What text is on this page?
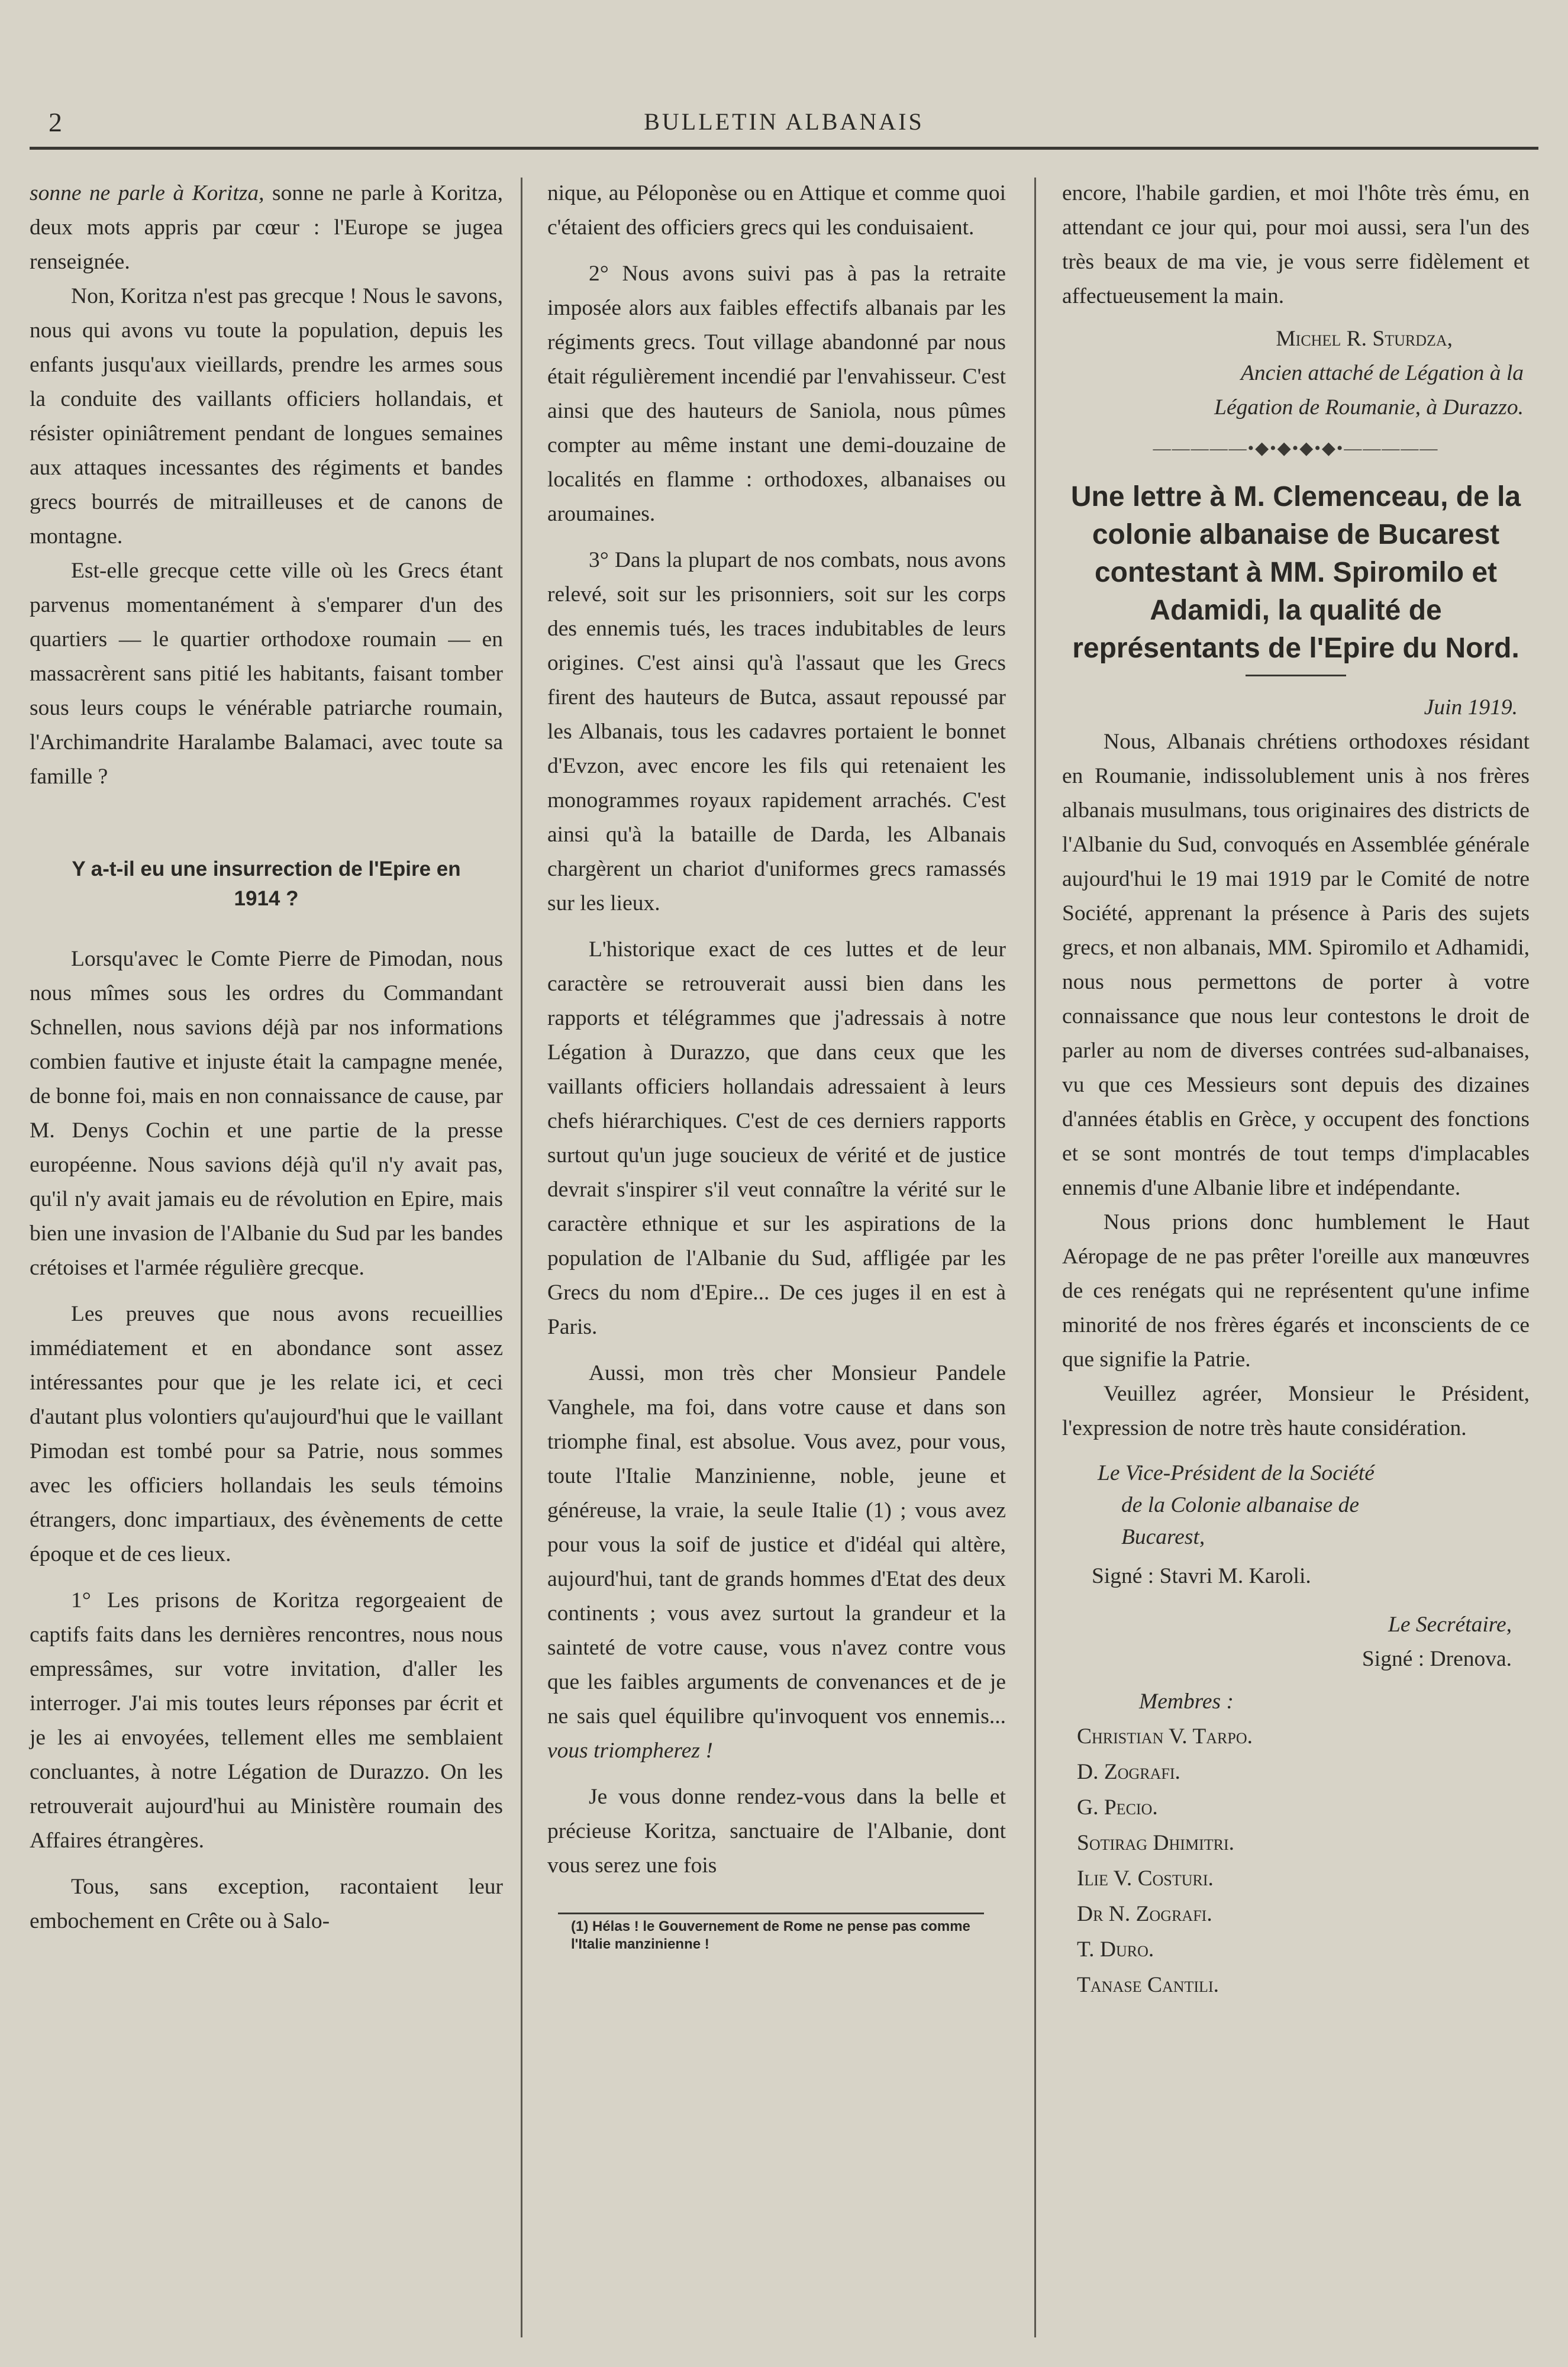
2	BULLETIN ALBANAIS

sonne ne parle à Koritza, sonne ne parle à Koritza, deux mots appris par cœur : l'Europe se jugea renseignée.

Non, Koritza n'est pas grecque ! Nous le savons, nous qui avons vu toute la population, depuis les enfants jusqu'aux vieillards, prendre les armes sous la conduite des vaillants officiers hollandais, et résister opiniâtrement pendant de longues semaines aux attaques incessantes des régiments et bandes grecs bourrés de mitrailleuses et de canons de montagne.

Est-elle grecque cette ville où les Grecs étant parvenus momentanément à s'emparer d'un des quartiers — le quartier orthodoxe roumain — en massacrèrent sans pitié les habitants, faisant tomber sous leurs coups le vénérable patriarche roumain, l'Archimandrite Haralambe Balamaci, avec toute sa famille ?

Y a-t-il eu une insurrection de l'Epire en 1914 ?

Lorsqu'avec le Comte Pierre de Pimodan, nous nous mîmes sous les ordres du Commandant Schnellen, nous savions déjà par nos informations combien fautive et injuste était la campagne menée, de bonne foi, mais en non connaissance de cause, par M. Denys Cochin et une partie de la presse européenne. Nous savions déjà qu'il n'y avait pas, qu'il n'y avait jamais eu de révolution en Epire, mais bien une invasion de l'Albanie du Sud par les bandes crétoises et l'armée régulière grecque.

Les preuves que nous avons recueillies immédiatement et en abondance sont assez intéressantes pour que je les relate ici, et ceci d'autant plus volontiers qu'aujourd'hui que le vaillant Pimodan est tombé pour sa Patrie, nous sommes avec les officiers hollandais les seuls témoins étrangers, donc impartiaux, des évènements de cette époque et de ces lieux.

1° Les prisons de Koritza regorgeaient de captifs faits dans les dernières rencontres, nous nous empressâmes, sur votre invitation, d'aller les interroger. J'ai mis toutes leurs réponses par écrit et je les ai envoyées, tellement elles me semblaient concluantes, à notre Légation de Durazzo. On les retrouverait aujourd'hui au Ministère roumain des Affaires étrangères.

Tous, sans exception, racontaient leur embochement en Crête ou à Salo-

nique, au Péloponèse ou en Attique et comme quoi c'étaient des officiers grecs qui les conduisaient.

2° Nous avons suivi pas à pas la retraite imposée alors aux faibles effectifs albanais par les régiments grecs. Tout village abandonné par nous était régulièrement incendié par l'envahisseur. C'est ainsi que des hauteurs de Saniola, nous pûmes compter au même instant une demi-douzaine de localités en flamme : orthodoxes, albanaises ou aroumaines.

3° Dans la plupart de nos combats, nous avons relevé, soit sur les prisonniers, soit sur les corps des ennemis tués, les traces indubitables de leurs origines. C'est ainsi qu'à l'assaut que les Grecs firent des hauteurs de Butca, assaut repoussé par les Albanais, tous les cadavres portaient le bonnet d'Evzon, avec encore les fils qui retenaient les monogrammes royaux rapidement arrachés. C'est ainsi qu'à la bataille de Darda, les Albanais chargèrent un chariot d'uniformes grecs ramassés sur les lieux.

L'historique exact de ces luttes et de leur caractère se retrouverait aussi bien dans les rapports et télégrammes que j'adressais à notre Légation à Durazzo, que dans ceux que les vaillants officiers hollandais adressaient à leurs chefs hiérarchiques. C'est de ces derniers rapports surtout qu'un juge soucieux de vérité et de justice devrait s'inspirer s'il veut connaître la vérité sur le caractère ethnique et sur les aspirations de la population de l'Albanie du Sud, affligée par les Grecs du nom d'Epire... De ces juges il en est à Paris.

Aussi, mon très cher Monsieur Pandele Vanghele, ma foi, dans votre cause et dans son triomphe final, est absolue. Vous avez, pour vous, toute l'Italie Manzinienne, noble, jeune et généreuse, la vraie, la seule Italie (1) ; vous avez pour vous la soif de justice et d'idéal qui altère, aujourd'hui, tant de grands hommes d'Etat des deux continents ; vous avez surtout la grandeur et la sainteté de votre cause, vous n'avez contre vous que les faibles arguments de convenances et de je ne sais quel équilibre qu'invoquent vos ennemis... vous triompherez !

Je vous donne rendez-vous dans la belle et précieuse Koritza, sanctuaire de l'Albanie, dont vous serez une fois

(1) Hélas ! le Gouvernement de Rome ne pense pas comme l'Italie manzinienne !

encore, l'habile gardien, et moi l'hôte très ému, en attendant ce jour qui, pour moi aussi, sera l'un des très beaux de ma vie, je vous serre fidèlement et affectueusement la main.

Michel R. Sturdza,

Ancien attaché de Légation à la

Légation de Roumanie, à Durazzo.

—————•◆•◆•◆•◆•—————
Une lettre à M. Clemenceau, de la colonie albanaise de Bucarest contestant à MM. Spiromilo et Adamidi, la qualité de représentants de l'Epire du Nord.

Juin 1919.

Nous, Albanais chrétiens orthodoxes résidant en Roumanie, indissolublement unis à nos frères albanais musulmans, tous originaires des districts de l'Albanie du Sud, convoqués en Assemblée générale aujourd'hui le 19 mai 1919 par le Comité de notre Société, apprenant la présence à Paris des sujets grecs, et non albanais, MM. Spiromilo et Adhamidi, nous nous permettons de porter à votre connaissance que nous leur contestons le droit de parler au nom de diverses contrées sud-albanaises, vu que ces Messieurs sont depuis des dizaines d'années établis en Grèce, y occupent des fonctions et se sont montrés de tout temps d'implacables ennemis d'une Albanie libre et indépendante.

Nous prions donc humblement le Haut Aéropage de ne pas prêter l'oreille aux manœuvres de ces renégats qui ne représentent qu'une infime minorité de nos frères égarés et inconscients de ce que signifie la Patrie.

Veuillez agréer, Monsieur le Président, l'expression de notre très haute considération.

Le Vice-Président de la Société
de la Colonie albanaise de
Bucarest,

Signé : Stavri M. Karoli.

Le Secrétaire,

Signé : Drenova.

Membres :

Christian V. Tarpo.
D. Zografi.
G. Pecio.
Sotirag Dhimitri.
Ilie V. Costuri.
Dr N. Zografi.
T. Duro.
Tanase Cantili.
